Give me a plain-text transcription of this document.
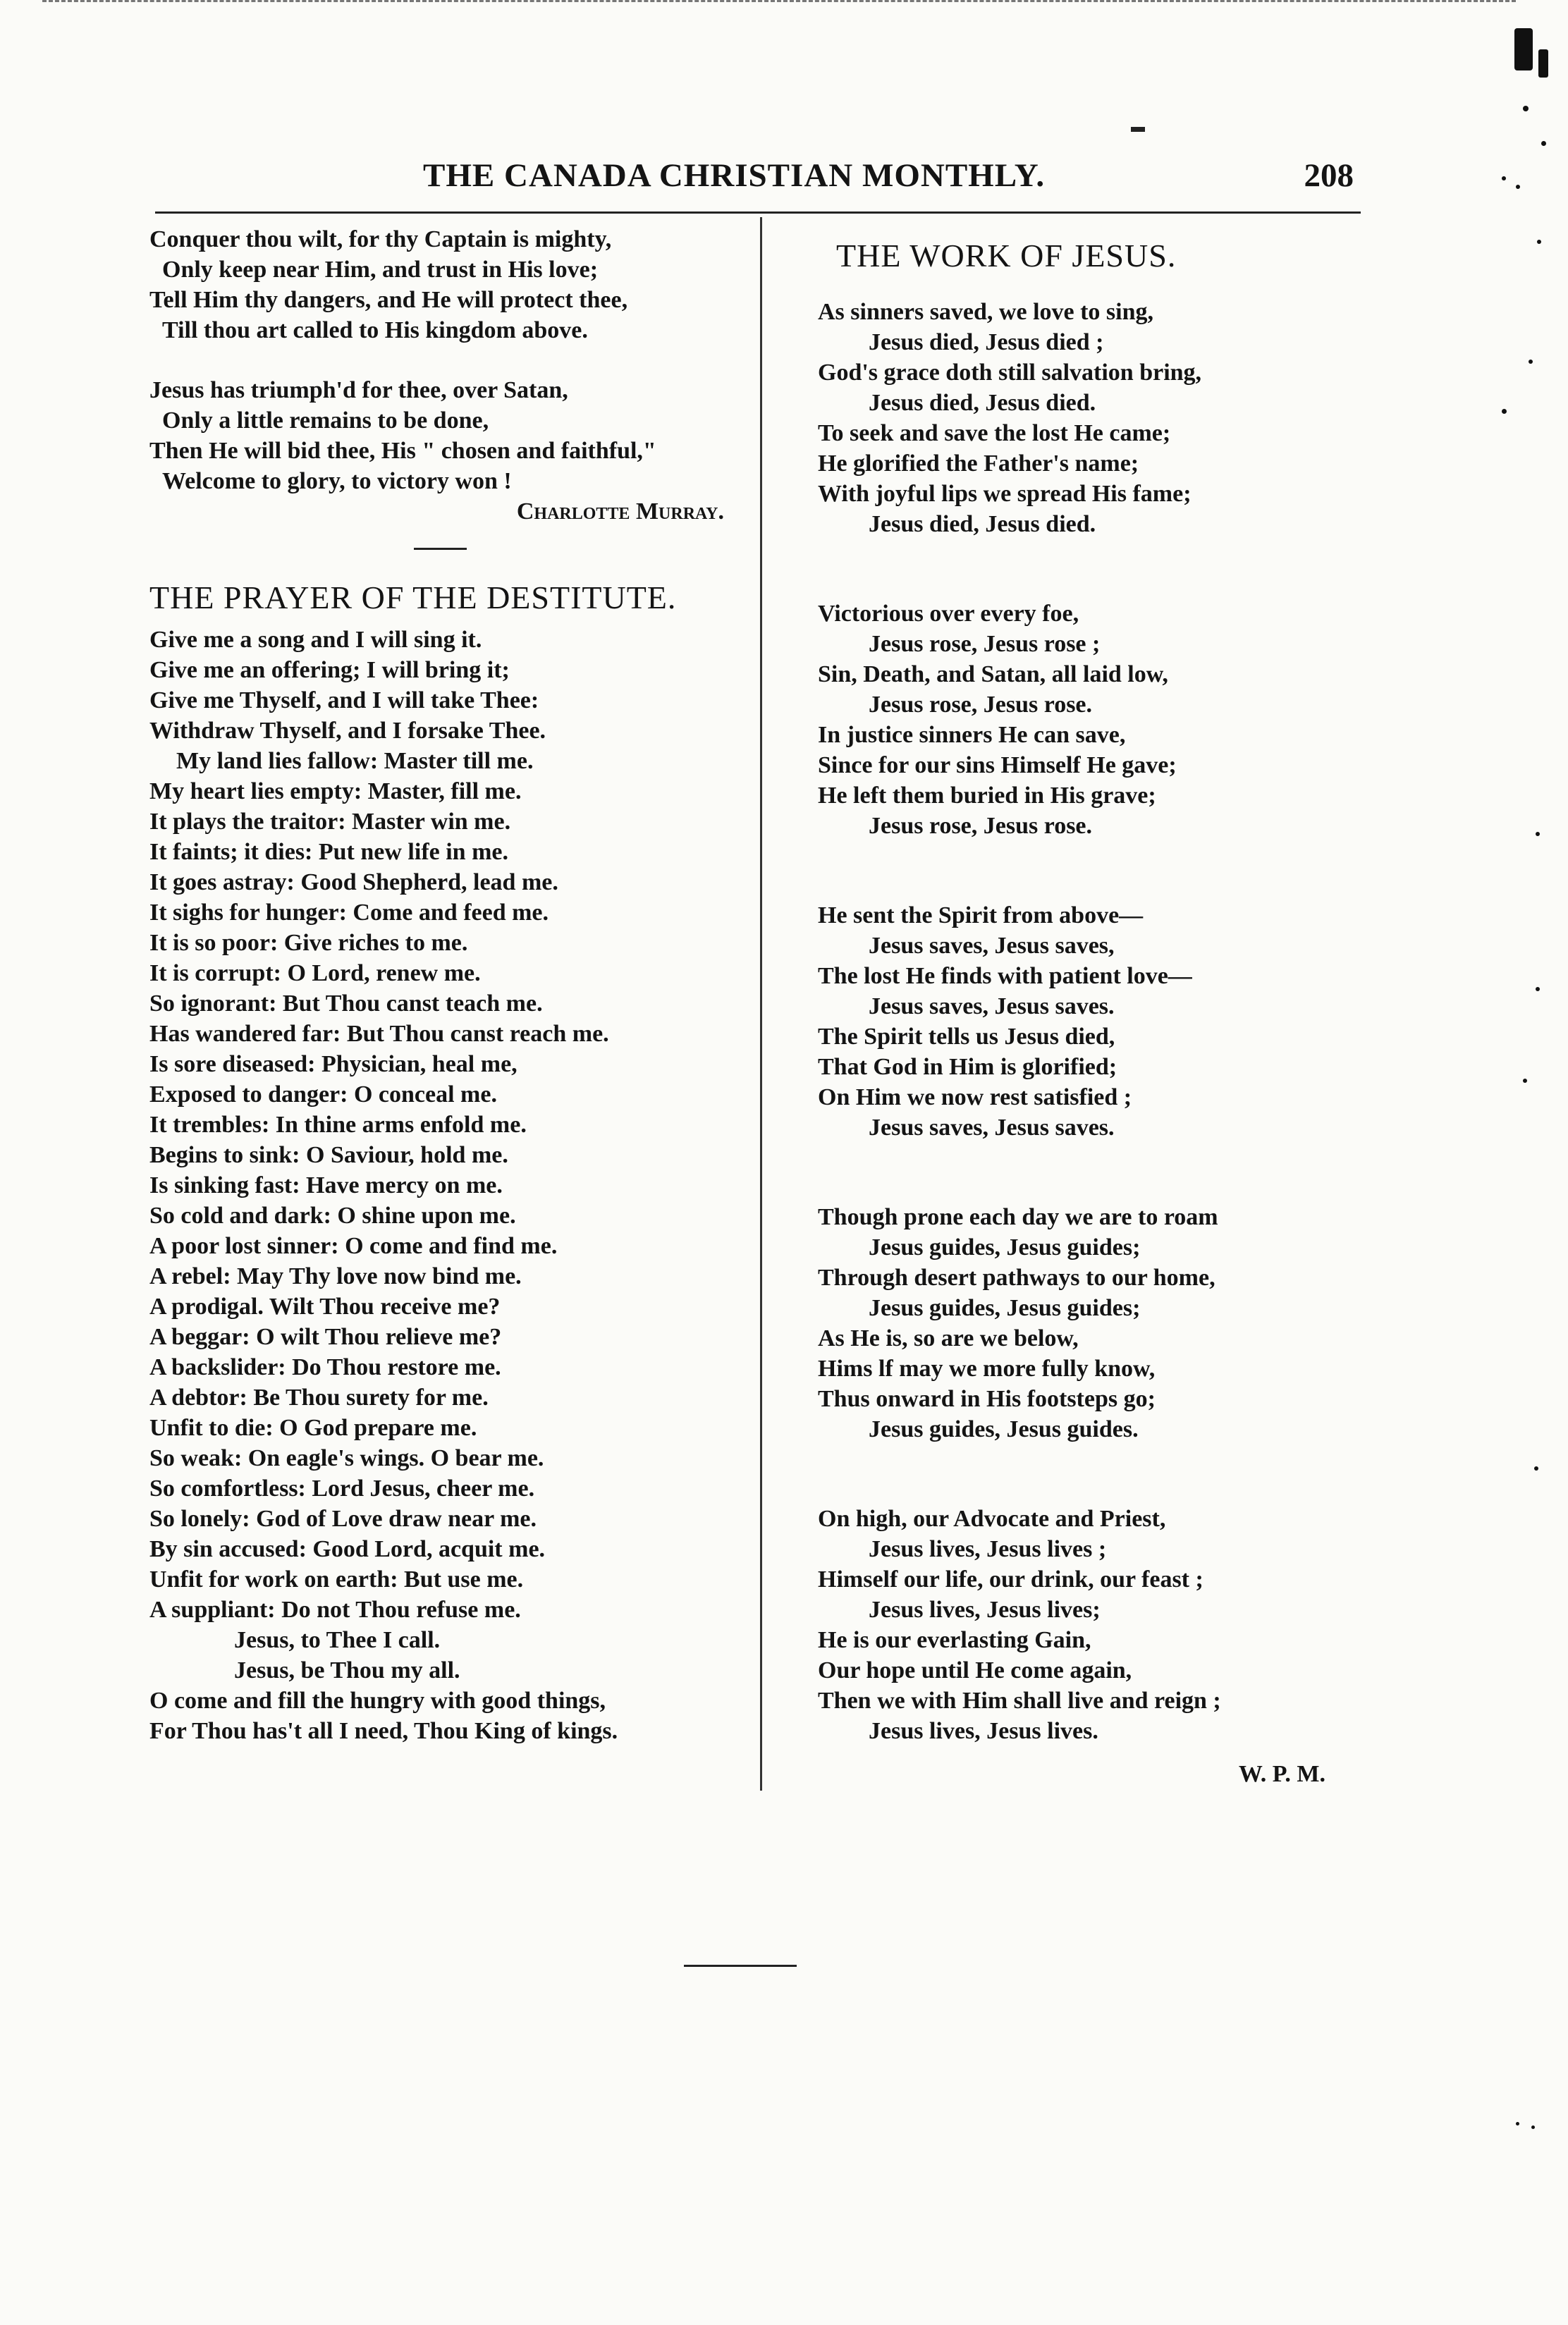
THE CANADA CHRISTIAN MONTHLY.	208
Conquer thou wilt, for thy Captain is mighty,
Only keep near Him, and trust in His love;
Tell Him thy dangers, and He will protect thee,
Till thou art called to His kingdom above.
Jesus has triumph'd for thee, over Satan,
Only a little remains to be done,
Then He will bid thee, His " chosen and faithful,"
Welcome to glory, to victory won !
Charlotte Murray.
THE PRAYER OF THE DESTITUTE.
Give me a song and I will sing it.
Give me an offering; I will bring it;
Give me Thyself, and I will take Thee:
Withdraw Thyself, and I forsake Thee.
My land lies fallow: Master till me.
My heart lies empty: Master, fill me.
It plays the traitor: Master win me.
It faints; it dies: Put new life in me.
It goes astray: Good Shepherd, lead me.
It sighs for hunger: Come and feed me.
It is so poor: Give riches to me.
It is corrupt: O Lord, renew me.
So ignorant: But Thou canst teach me.
Has wandered far: But Thou canst reach me.
Is sore diseased: Physician, heal me,
Exposed to danger: O conceal me.
It trembles: In thine arms enfold me.
Begins to sink: O Saviour, hold me.
Is sinking fast: Have mercy on me.
So cold and dark: O shine upon me.
A poor lost sinner: O come and find me.
A rebel: May Thy love now bind me.
A prodigal. Wilt Thou receive me?
A beggar: O wilt Thou relieve me?
A backslider: Do Thou restore me.
A debtor: Be Thou surety for me.
Unfit to die: O God prepare me.
So weak: On eagle's wings. O bear me.
So comfortless: Lord Jesus, cheer me.
So lonely: God of Love draw near me.
By sin accused: Good Lord, acquit me.
Unfit for work on earth: But use me.
A suppliant: Do not Thou refuse me.
Jesus, to Thee I call.
Jesus, be Thou my all.
O come and fill the hungry with good things,
For Thou has't all I need, Thou King of kings.
THE WORK OF JESUS.
As sinners saved, we love to sing,
Jesus died, Jesus died ;
God's grace doth still salvation bring,
Jesus died, Jesus died.
To seek and save the lost He came;
He glorified the Father's name;
With joyful lips we spread His fame;
Jesus died, Jesus died.
Victorious over every foe,
Jesus rose, Jesus rose ;
Sin, Death, and Satan, all laid low,
Jesus rose, Jesus rose.
In justice sinners He can save,
Since for our sins Himself He gave;
He left them buried in His grave;
Jesus rose, Jesus rose.
He sent the Spirit from above—
Jesus saves, Jesus saves,
The lost He finds with patient love—
Jesus saves, Jesus saves.
The Spirit tells us Jesus died,
That God in Him is glorified;
On Him we now rest satisfied ;
Jesus saves, Jesus saves.
Though prone each day we are to roam
Jesus guides, Jesus guides;
Through desert pathways to our home,
Jesus guides, Jesus guides;
As He is, so are we below,
Hims lf may we more fully know,
Thus onward in His footsteps go;
Jesus guides, Jesus guides.
On high, our Advocate and Priest,
Jesus lives, Jesus lives ;
Himself our life, our drink, our feast ;
Jesus lives, Jesus lives;
He is our everlasting Gain,
Our hope until He come again,
Then we with Him shall live and reign ;
Jesus lives, Jesus lives.
W. P. M.
